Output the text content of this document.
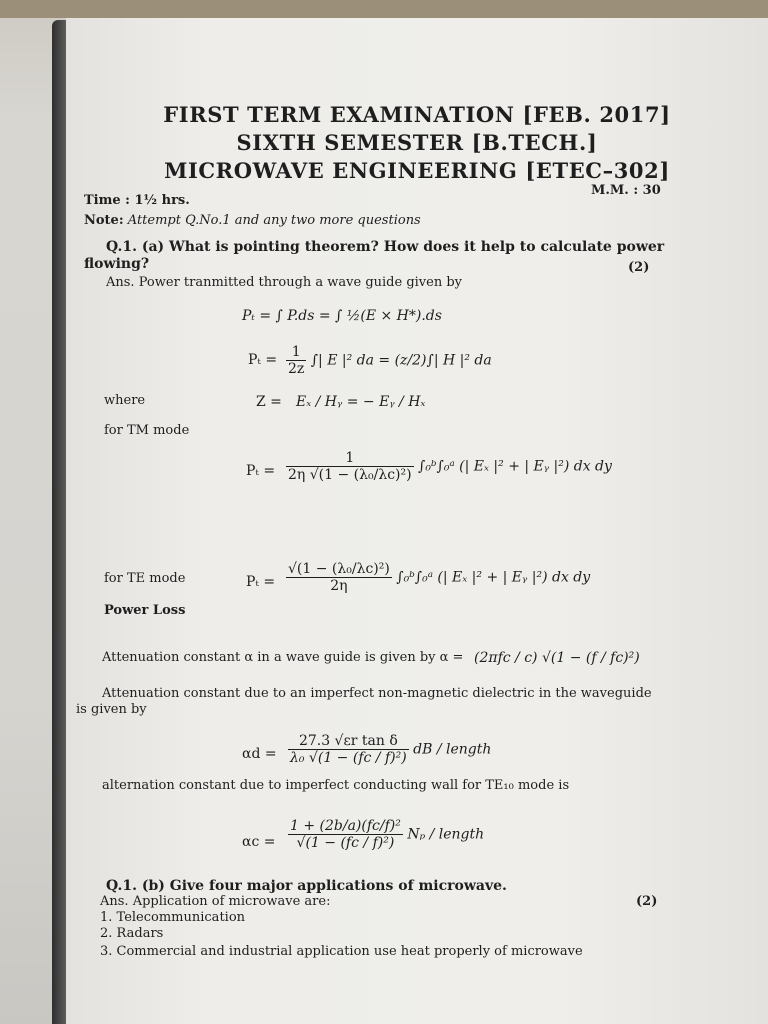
FIRST TERM EXAMINATION [FEB. 2017]
SIXTH SEMESTER [B.TECH.]
MICROWAVE ENGINEERING [ETEC–302]
Time : 1½ hrs.
M.M. : 30
Note: Attempt Q.No.1 and any two more questions
Q.1. (a) What is pointing theorem? How does it help to calculate power
flowing?	(2)
Ans. Power tranmitted through a wave guide given by
Pₜ = ∫ P.ds = ∫ ½(E × H*).ds
$P_t = \frac{1}{2z}$ ∫| E |² da = (z/2)∫| H |² da
where	Z = Eₓ / Hᵧ = − Eᵧ / Hₓ
for TM mode
$P_t = \frac{1}{\text{2η √(1 − (λ₀/λc)²)}}$ ∫₀ᵇ∫₀ᵃ (| Eₓ |² + | Eᵧ |²) dx dy
for TE mode	$P_t = \frac{\text{√(1 − (λ₀/λc)²)}}{2\eta}$ ∫₀ᵇ∫₀ᵃ (| Eₓ |² + | Eᵧ |²) dx dy
Power Loss
Attenuation constant α in a wave guide is given by α = (2πfc / c) √(1 − (f / fc)²)
Attenuation constant due to an imperfect non-magnetic dielectric in the waveguide
is given by
$\alpha d = \frac{\text{27.3 √εr tan δ}}{\text{λ₀ √(1 − (fc / f)²)}}$ dB / length
alternation constant due to imperfect conducting wall for TE₁₀ mode is
$\alpha c = \frac{\text{1 + (2b/a)(fc/f)²}}{\text{√(1 − (fc / f)²)}}$ Nₚ / length
Q.1. (b) Give four major applications of microwave.
Ans. Application of microwave are:	(2)
1. Telecommunication
2. Radars
3. Commercial and industrial application use heat properly of microwave
